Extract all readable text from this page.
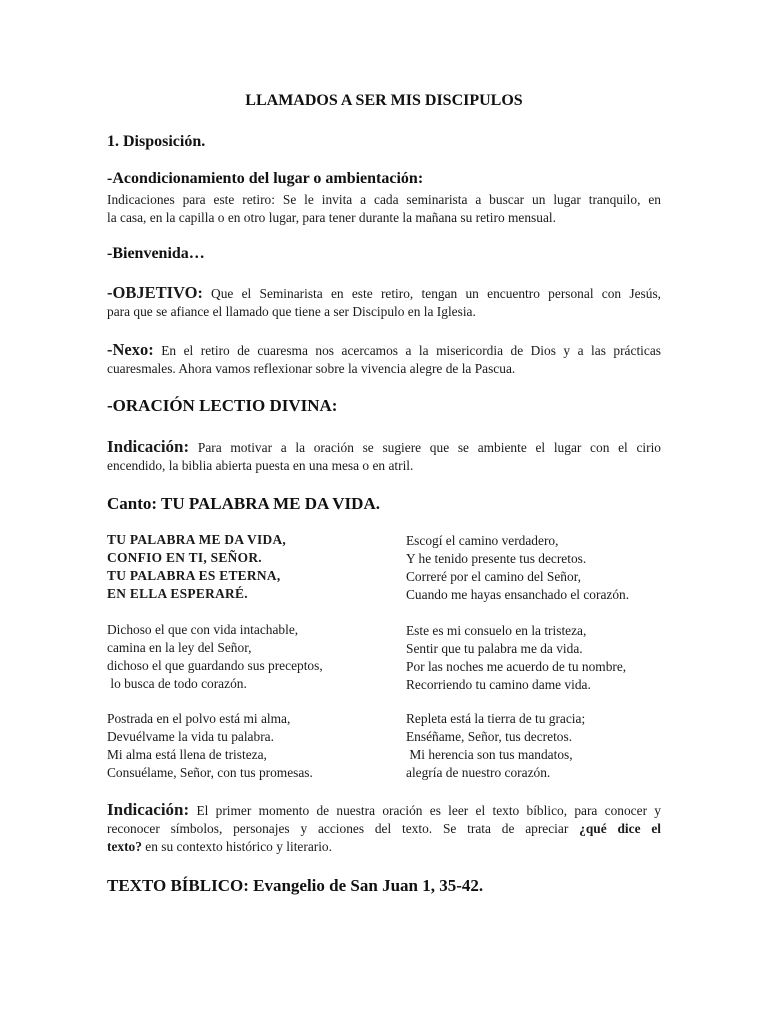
LLAMADOS A SER MIS DISCIPULOS
1. Disposición.
-Acondicionamiento del lugar o ambientación:
Indicaciones para este retiro: Se le invita a cada seminarista a buscar un lugar tranquilo, en
la casa, en la capilla o en otro lugar, para tener durante la mañana su retiro mensual.
-Bienvenida…
-OBJETIVO: Que el Seminarista en este retiro, tengan un encuentro personal con Jesús,
para que se afiance el llamado que tiene a ser Discipulo en la Iglesia.
-Nexo: En el retiro de cuaresma nos acercamos a la misericordia de Dios y a las prácticas
cuaresmales. Ahora vamos reflexionar sobre la vivencia alegre de la Pascua.
-ORACIÓN LECTIO DIVINA:
Indicación: Para motivar a la oración se sugiere que se ambiente el lugar con el cirio
encendido, la biblia abierta puesta en una mesa o en atril.
Canto: TU PALABRA ME DA VIDA.
TU PALABRA ME DA VIDA,
CONFIO EN TI, SEÑOR.
TU PALABRA ES ETERNA,
EN ELLA ESPERARÉ.
Dichoso el que con vida intachable,
camina en la ley del Señor,
dichoso el que guardando sus preceptos,
lo busca de todo corazón.
Postrada en el polvo está mi alma,
Devuélvame la vida tu palabra.
Mi alma está llena de tristeza,
Consuélame, Señor, con tus promesas.
Escogí el camino verdadero,
Y he tenido presente tus decretos.
Correré por el camino del Señor,
Cuando me hayas ensanchado el corazón.
Este es mi consuelo en la tristeza,
Sentir que tu palabra me da vida.
Por las noches me acuerdo de tu nombre,
Recorriendo tu camino dame vida.
Repleta está la tierra de tu gracia;
Enséñame, Señor, tus decretos.
Mi herencia son tus mandatos,
alegría de nuestro corazón.
Indicación: El primer momento de nuestra oración es leer el texto bíblico, para conocer y
reconocer símbolos, personajes y acciones del texto. Se trata de apreciar ¿qué dice el
texto? en su contexto histórico y literario.
TEXTO BÍBLICO: Evangelio de San Juan 1, 35-42.
